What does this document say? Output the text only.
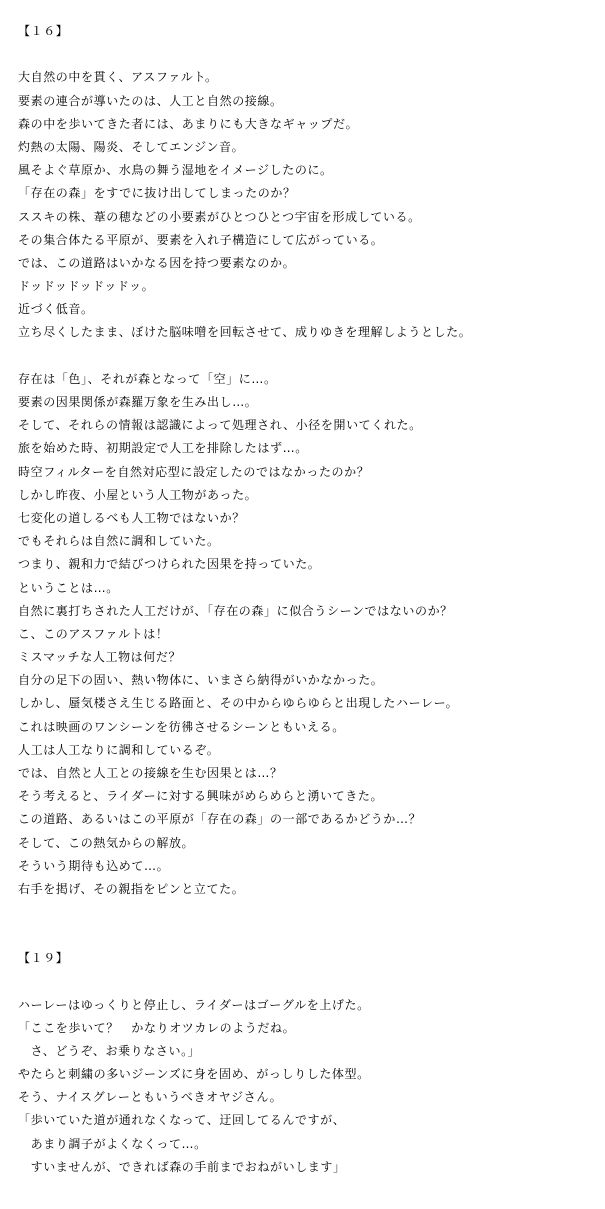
【１６】
大自然の中を貫く、アスファルト。
要素の連合が導いたのは、人工と自然の接線。
森の中を歩いてきた者には、あまりにも大きなギャップだ。
灼熱の太陽、陽炎、そしてエンジン音。
風そよぐ草原か、水鳥の舞う湿地をイメージしたのに。
「存在の森」をすでに抜け出してしまったのか？
ススキの株、葦の穂などの小要素がひとつひとつ宇宙を形成している。
その集合体たる平原が、要素を入れ子構造にして広がっている。
では、この道路はいかなる因を持つ要素なのか。
ドッドッドッドッドッ。
近づく低音。
立ち尽くしたまま、ぼけた脳味噌を回転させて、成りゆきを理解しようとした。
存在は「色」、それが森となって「空」に…。
要素の因果関係が森羅万象を生み出し…。
そして、それらの情報は認識によって処理され、小径を開いてくれた。
旅を始めた時、初期設定で人工を排除したはず…。
時空フィルターを自然対応型に設定したのではなかったのか？
しかし昨夜、小屋という人工物があった。
七変化の道しるべも人工物ではないか？
でもそれらは自然に調和していた。
つまり、親和力で結びつけられた因果を持っていた。
ということは…。
自然に裏打ちされた人工だけが、「存在の森」に似合うシーンではないのか？
こ、このアスファルトは！
ミスマッチな人工物は何だ？
自分の足下の固い、熱い物体に、いまさら納得がいかなかった。
しかし、蜃気楼さえ生じる路面と、その中からゆらゆらと出現したハーレー。
これは映画のワンシーンを彷彿させるシーンともいえる。
人工は人工なりに調和しているぞ。
では、自然と人工との接線を生む因果とは…？
そう考えると、ライダーに対する興味がめらめらと湧いてきた。
この道路、あるいはこの平原が「存在の森」の一部であるかどうか…？
そして、この熱気からの解放。
そういう期待も込めて…。
右手を掲げ、その親指をピンと立てた。
【１９】
ハーレーはゆっくりと停止し、ライダーはゴーグルを上げた。
「ここを歩いて？　かなりオツカレのようだね。
　さ、どうぞ、お乗りなさい。」
やたらと刺繍の多いジーンズに身を固め、がっしりした体型。
そう、ナイスグレーともいうべきオヤジさん。
「歩いていた道が通れなくなって、迂回してるんですが、
　あまり調子がよくなくって…。
　すいませんが、できれば森の手前までおねがいします」
